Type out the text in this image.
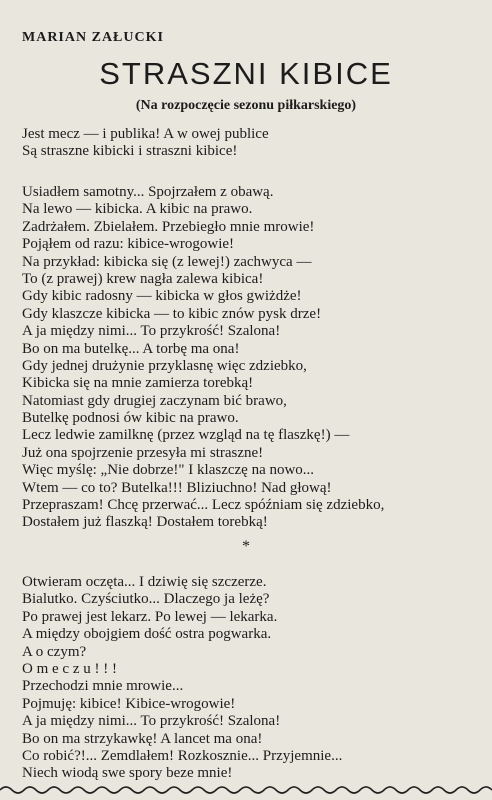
MARIAN ZAŁUCKI
STRASZNI KIBICE
(Na rozpoczęcie sezonu piłkarskiego)
Jest mecz — i publika! A w owej publice
Są straszne kibicki i straszni kibice!
Usiadłem samotny... Spojrzałem z obawą.
Na lewo — kibicka. A kibic na prawo.
Zadrżałem. Zbielałem. Przebiegło mnie mrowie!
Pojąłem od razu: kibice-wrogowie!
Na przykład: kibicka się (z lewej!) zachwyca —
To (z prawej) krew nagła zalewa kibica!
Gdy kibic radosny — kibicka w głos gwiżdże!
Gdy klaszcze kibicka — to kibic znów pysk drze!
A ja między nimi... To przykrość! Szalona!
Bo on ma butelkę... A torbę ma ona!
Gdy jednej drużynie przyklasnę więc zdziebko,
Kibicka się na mnie zamierza torebką!
Natomiast gdy drugiej zaczynam bić brawo,
Butelkę podnosi ów kibic na prawo.
Lecz ledwie zamilknę (przez wzgląd na tę flaszkę!) —
Już ona spojrzenie przesyła mi straszne!
Więc myślę: „Nie dobrze!" I klaszczę na nowo...
Wtem — co to? Butelka!!! Bliziuchno! Nad głową!
Przepraszam! Chcę przerwać... Lecz spóźniam się zdziebko,
Dostałem już flaszką! Dostałem torebką!
*
Otwieram oczęta... I dziwię się szczerze.
Bialutko. Czyściutko... Dlaczego ja leżę?
Po prawej jest lekarz. Po lewej — lekarka.
A między obojgiem dość ostra pogwarka.
A o czym?
O m e c z u ! ! !
Przechodzi mnie mrowie...
Pojmuję: kibice! Kibice-wrogowie!
A ja między nimi... To przykrość! Szalona!
Bo on ma strzykawkę! A lancet ma ona!
Co robić?!... Zemdlałem! Rozkosznie... Przyjemnie...
Niech wiodą swe spory beze mnie!
